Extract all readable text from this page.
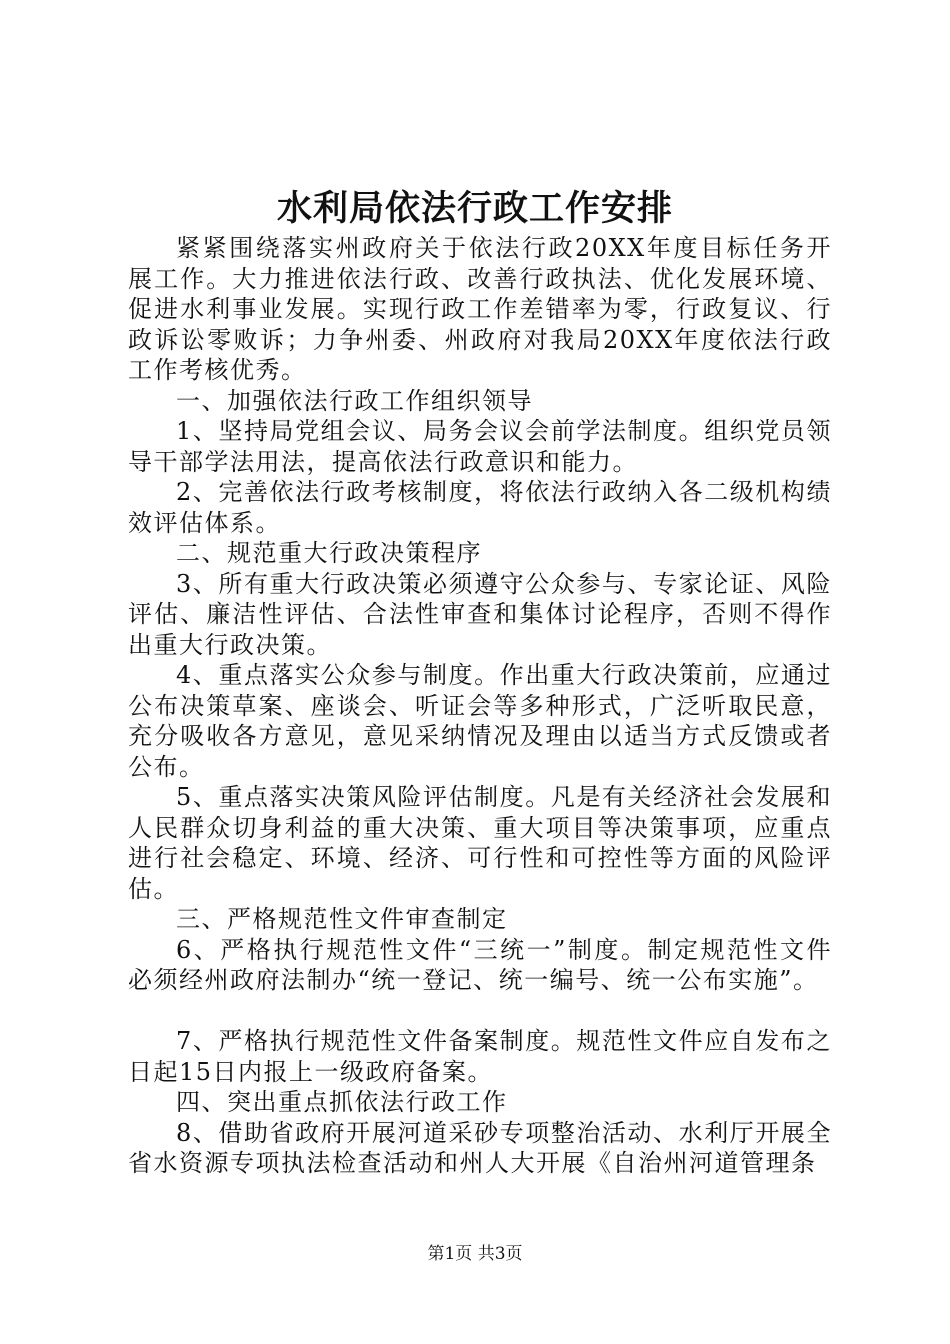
水利局依法行政工作安排

紧紧围绕落实州政府关于依法行政20XX年度目标任务开展工作。大力推进依法行政、改善行政执法、优化发展环境、促进水利事业发展。实现行政工作差错率为零，行政复议、行政诉讼零败诉；力争州委、州政府对我局20XX年度依法行政工作考核优秀。

一、加强依法行政工作组织领导

1、坚持局党组会议、局务会议会前学法制度。组织党员领导干部学法用法，提高依法行政意识和能力。

2、完善依法行政考核制度，将依法行政纳入各二级机构绩效评估体系。

二、规范重大行政决策程序

3、所有重大行政决策必须遵守公众参与、专家论证、风险评估、廉洁性评估、合法性审查和集体讨论程序，否则不得作出重大行政决策。

4、重点落实公众参与制度。作出重大行政决策前，应通过公布决策草案、座谈会、听证会等多种形式，广泛听取民意，充分吸收各方意见，意见采纳情况及理由以适当方式反馈或者公布。

5、重点落实决策风险评估制度。凡是有关经济社会发展和人民群众切身利益的重大决策、重大项目等决策事项，应重点进行社会稳定、环境、经济、可行性和可控性等方面的风险评估。

三、严格规范性文件审查制定

6、严格执行规范性文件“三统一”制度。制定规范性文件必须经州政府法制办“统一登记、统一编号、统一公布实施”。

7、严格执行规范性文件备案制度。规范性文件应自发布之日起15日内报上一级政府备案。

四、突出重点抓依法行政工作

8、借助省政府开展河道采砂专项整治活动、水利厅开展全省水资源专项执法检查活动和州人大开展《自治州河道管理条

第1页 共3页
